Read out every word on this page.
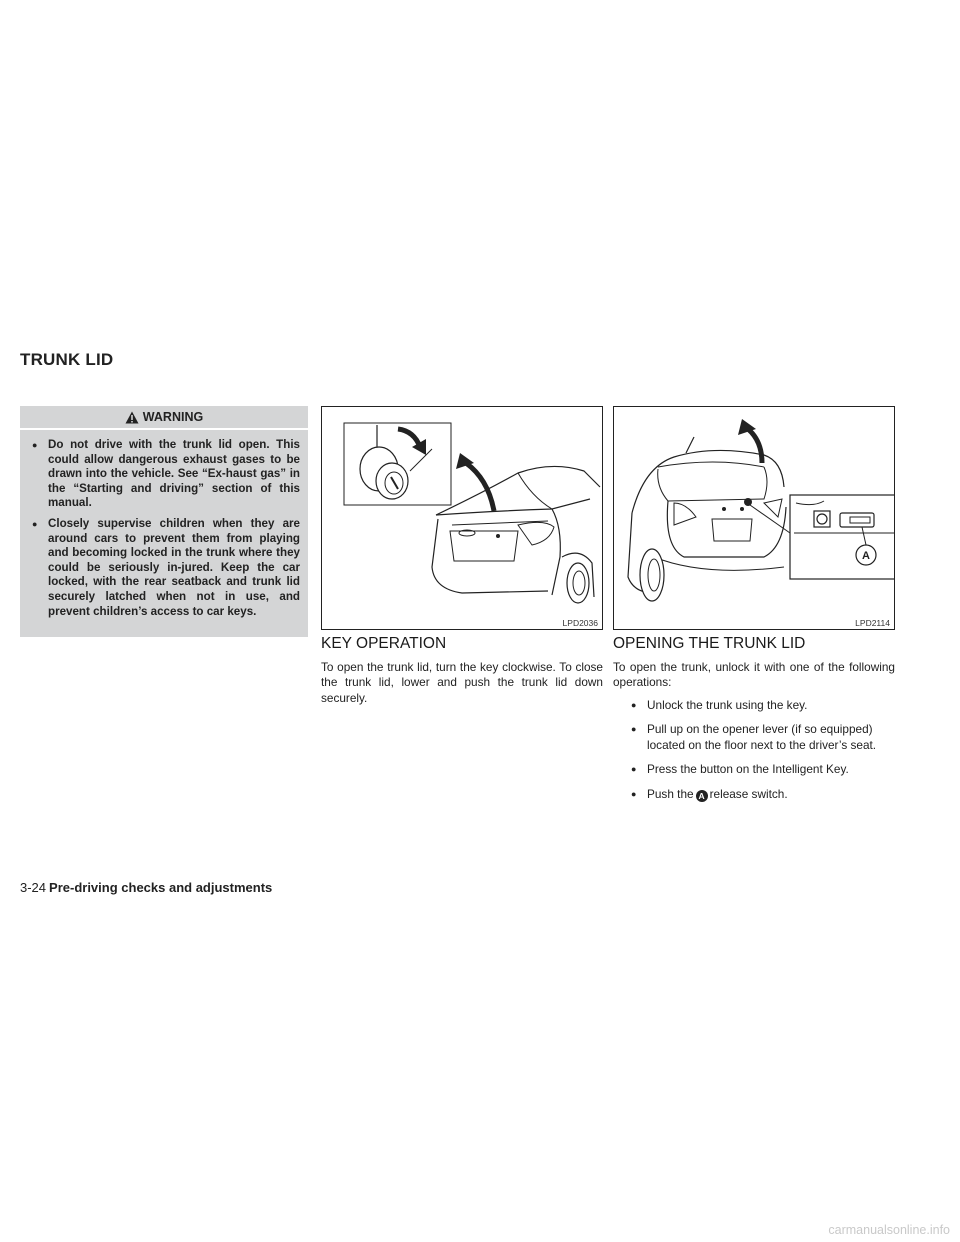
TRUNK LID
WARNING
● Do not drive with the trunk lid open. This could allow dangerous exhaust gases to be drawn into the vehicle. See “Ex-haust gas” in the “Starting and driving” section of this manual.
● Closely supervise children when they are around cars to prevent them from playing and becoming locked in the trunk where they could be seriously in-jured. Keep the car locked, with the rear seatback and trunk lid securely latched when not in use, and prevent children’s access to car keys.
LPD2036
A
LPD2114
KEY OPERATION

To open the trunk lid, turn the key clockwise. To close the trunk lid, lower and push the trunk lid down securely.

OPENING THE TRUNK LID

To open the trunk, unlock it with one of the following operations:

● Unlock the trunk using the key.
● Pull up on the opener lever (if so equipped) located on the floor next to the driver’s seat.
● Press the button on the Intelligent Key.
● Push the A release switch.
3-24 Pre-driving checks and adjustments
carmanualsonline.info
